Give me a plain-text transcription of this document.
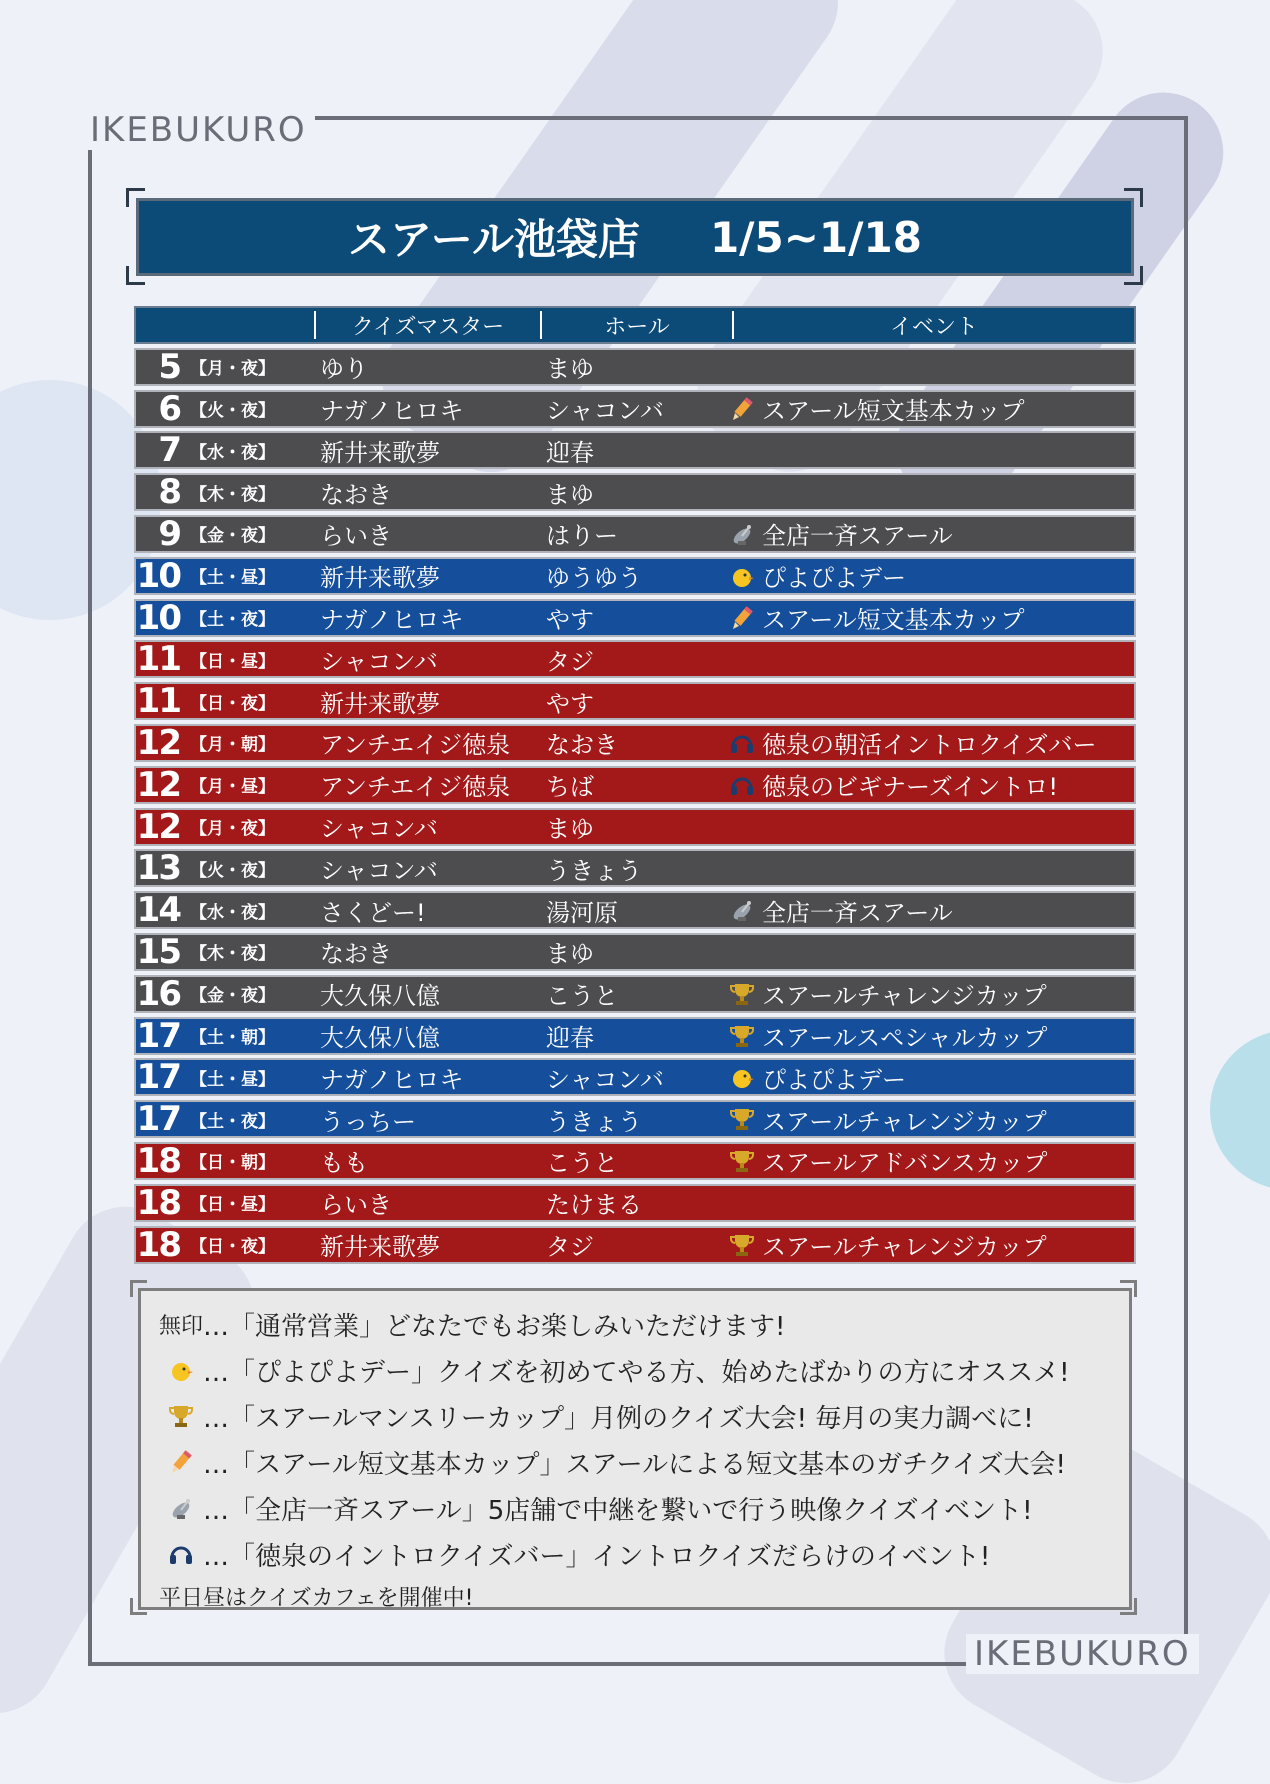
IKEBUKURO
IKEBUKURO
スアール池袋店 1/5~1/18
クイズマスター	ホール	イベント
5 【月・夜】	ゆり	まゆ
6 【火・夜】	ナガノヒロキ	シャコンバ	スアール短文基本カップ
7 【水・夜】	新井来歌夢	迎春
8 【木・夜】	なおき	まゆ
9 【金・夜】	らいき	はりー	全店一斉スアール
10 【土・昼】	新井来歌夢	ゆうゆう	ぴよぴよデー
10 【土・夜】	ナガノヒロキ	やす	スアール短文基本カップ
11 【日・昼】	シャコンバ	タジ
11 【日・夜】	新井来歌夢	やす
12 【月・朝】	アンチエイジ徳泉	なおき	徳泉の朝活イントロクイズバー
12 【月・昼】	アンチエイジ徳泉	ちば	徳泉のビギナーズイントロ!
12 【月・夜】	シャコンバ	まゆ
13 【火・夜】	シャコンバ	うきょう
14 【水・夜】	さくどー!	湯河原	全店一斉スアール
15 【木・夜】	なおき	まゆ
16 【金・夜】	大久保八億	こうと	スアールチャレンジカップ
17 【土・朝】	大久保八億	迎春	スアールスペシャルカップ
17 【土・昼】	ナガノヒロキ	シャコンバ	ぴよぴよデー
17 【土・夜】	うっちー	うきょう	スアールチャレンジカップ
18 【日・朝】	もも	こうと	スアールアドバンスカップ
18 【日・昼】	らいき	たけまる
18 【日・夜】	新井来歌夢	タジ	スアールチャレンジカップ
無印 …「通常営業」どなたでもお楽しみいただけます!
…「ぴよぴよデー」クイズを初めてやる方、始めたばかりの方にオススメ!
…「スアールマンスリーカップ」月例のクイズ大会! 毎月の実力調べに!
…「スアール短文基本カップ」スアールによる短文基本のガチクイズ大会!
…「全店一斉スアール」5店舗で中継を繋いで行う映像クイズイベント!
…「徳泉のイントロクイズバー」イントロクイズだらけのイベント!
平日昼はクイズカフェを開催中!
